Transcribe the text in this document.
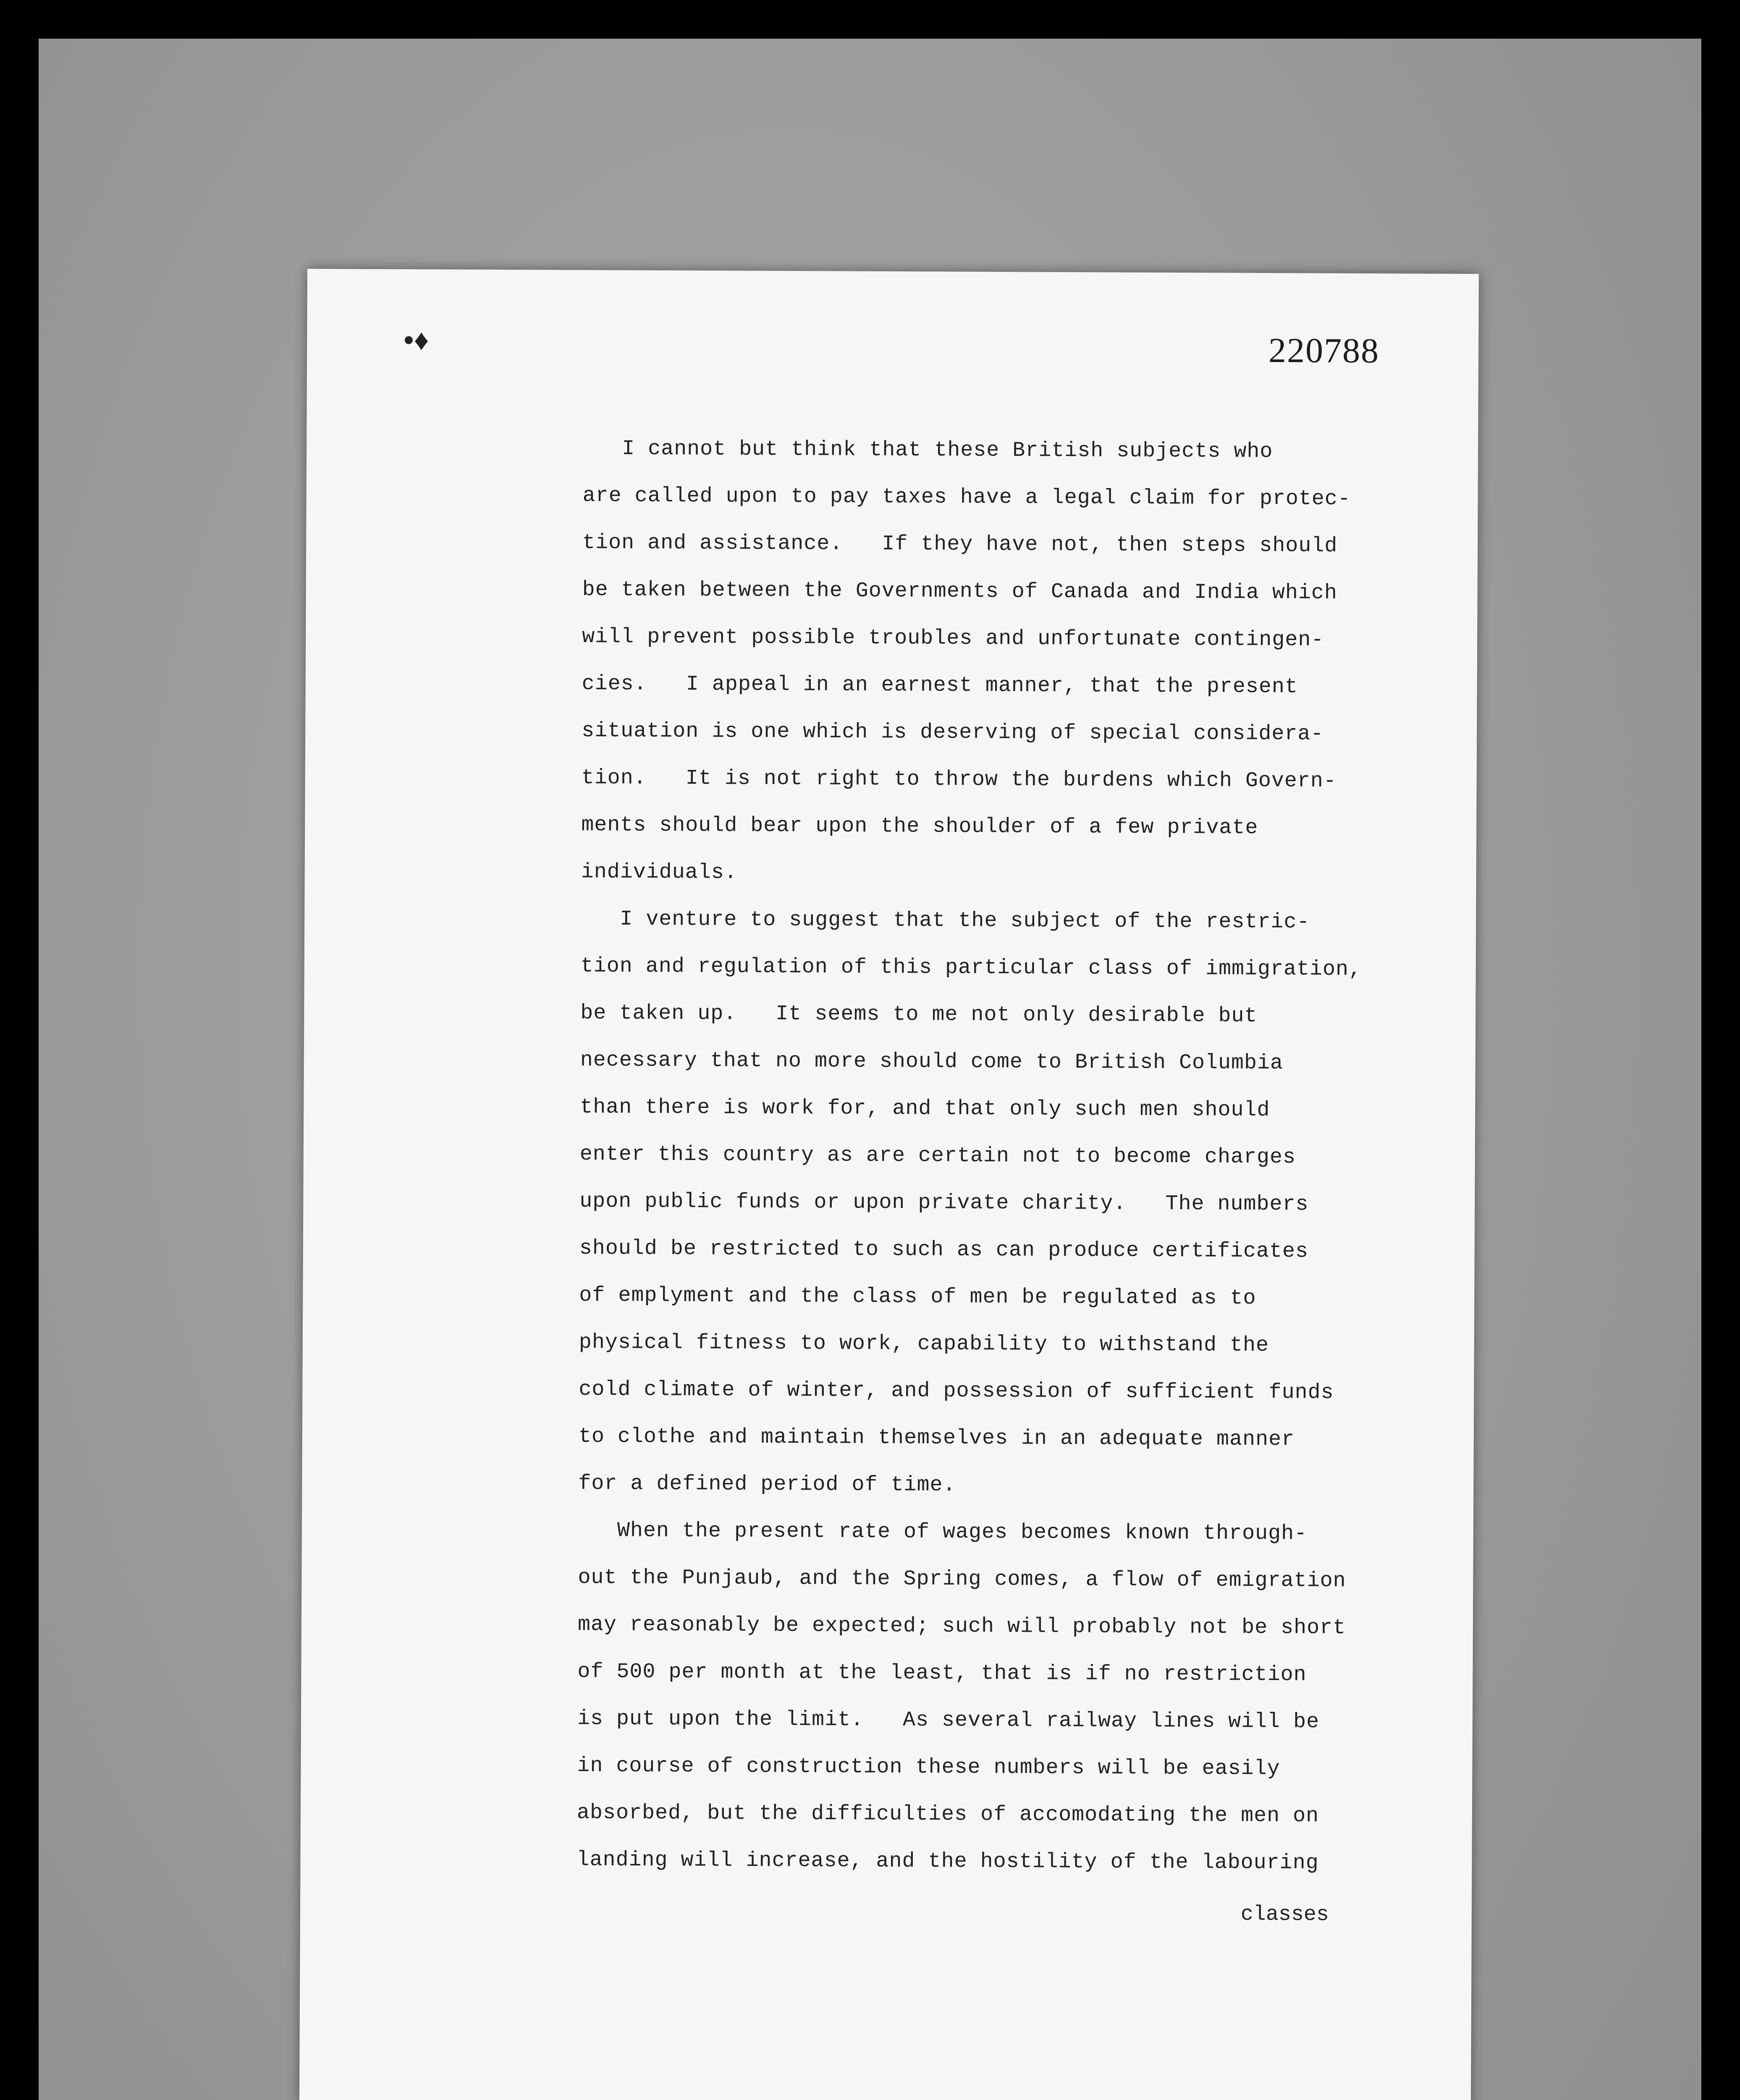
•♦	220788
I cannot but think that these British subjects who
are called upon to pay taxes have a legal claim for protec-
tion and assistance.   If they have not, then steps should
be taken between the Governments of Canada and India which
will prevent possible troubles and unfortunate contingen-
cies.   I appeal in an earnest manner, that the present
situation is one which is deserving of special considera-
tion.   It is not right to throw the burdens which Govern-
ments should bear upon the shoulder of a few private
individuals.
I venture to suggest that the subject of the restric-
tion and regulation of this particular class of immigration,
be taken up.   It seems to me not only desirable but
necessary that no more should come to British Columbia
than there is work for, and that only such men should
enter this country as are certain not to become charges
upon public funds or upon private charity.   The numbers
should be restricted to such as can produce certificates
of emplyment and the class of men be regulated as to
physical fitness to work, capability to withstand the
cold climate of winter, and possession of sufficient funds
to clothe and maintain themselves in an adequate manner
for a defined period of time.
When the present rate of wages becomes known through-
out the Punjaub, and the Spring comes, a flow of emigration
may reasonably be expected; such will probably not be short
of 500 per month at the least, that is if no restriction
is put upon the limit.   As several railway lines will be
in course of construction these numbers will be easily
absorbed, but the difficulties of accomodating the men on
landing will increase, and the hostility of the labouring
classes
